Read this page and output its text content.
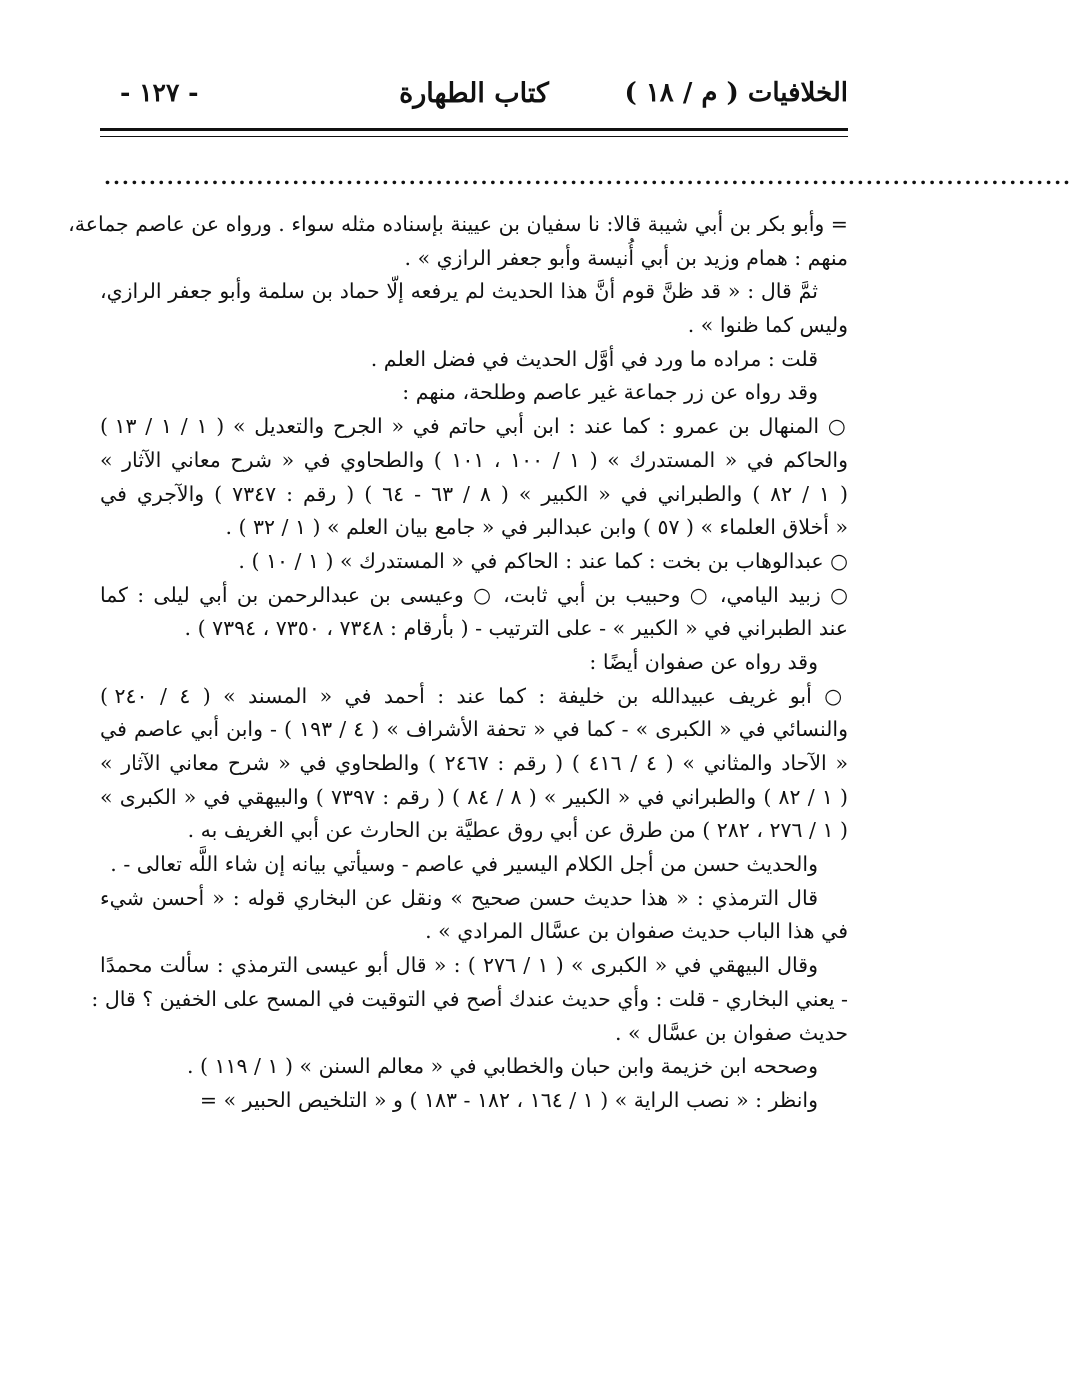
الخلافيات ( م / ١٨ )
كتاب الطهارة
- ١٢٧ -
............................................................................................................
= وأبو بكر بن أبي شيبة قالا: نا سفيان بن عيينة بإسناده مثله سواء . ورواه عن عاصم جماعة،
منهم : همام وزيد بن أبي أُنيسة وأبو جعفر الرازي » .
ثمَّ قال : « قد ظنَّ قوم أنَّ هذا الحديث لم يرفعه إلّا حماد بن سلمة وأبو جعفر الرازي،
وليس كما ظنوا » .
قلت : مراده ما ورد في أوَّل الحديث في فضل العلم .
وقد رواه عن زر جماعة غير عاصم وطلحة، منهم :
○ المنهال بن عمرو : كما عند : ابن أبي حاتم في « الجرح والتعديل » ( ١ / ١ / ١٣ )
والحاكم في « المستدرك » ( ١ / ١٠٠ ، ١٠١ ) والطحاوي في « شرح معاني الآثار »
( ١ / ٨٢ ) والطبراني في « الكبير » ( ٨ / ٦٣ - ٦٤ ) ( رقم : ٧٣٤٧ ) والآجري في
« أخلاق العلماء » ( ٥٧ ) وابن عبدالبر في « جامع بيان العلم » ( ١ / ٣٢ ) .
○ عبدالوهاب بن بخت : كما عند : الحاكم في « المستدرك » ( ١ / ١٠ ) .
○ زبيد اليامي، ○ وحبيب بن أبي ثابت، ○ وعيسى بن عبدالرحمن بن أبي ليلى : كما
عند الطبراني في « الكبير » - على الترتيب - ( بأرقام : ٧٣٤٨ ، ٧٣٥٠ ، ٧٣٩٤ ) .
وقد رواه عن صفوان أيضًا :
○ أبو غريف عبيدالله بن خليفة : كما عند : أحمد في « المسند » ( ٤ / ٢٤٠ )
والنسائي في « الكبرى » - كما في « تحفة الأشراف » ( ٤ / ١٩٣ ) - وابن أبي عاصم في
« الآحاد والمثاني » ( ٤ / ٤١٦ ) ( رقم : ٢٤٦٧ ) والطحاوي في « شرح معاني الآثار »
( ١ / ٨٢ ) والطبراني في « الكبير » ( ٨ / ٨٤ ) ( رقم : ٧٣٩٧ ) والبيهقي في « الكبرى »
( ١ / ٢٧٦ ، ٢٨٢ ) من طرق عن أبي روق عطيَّة بن الحارث عن أبي الغريف به .
والحديث حسن من أجل الكلام اليسير في عاصم - وسيأتي بيانه إن شاء اللَّه تعالى - .
قال الترمذي : « هذا حديث حسن صحيح » ونقل عن البخاري قوله : « أحسن شيء
في هذا الباب حديث صفوان بن عسَّال المرادي » .
وقال البيهقي في « الكبرى » ( ١ / ٢٧٦ ) : « قال أبو عيسى الترمذي : سألت محمدًا
- يعني البخاري - قلت : وأي حديث عندك أصح في التوقيت في المسح على الخفين ؟ قال :
حديث صفوان بن عسَّال » .
وصححه ابن خزيمة وابن حبان والخطابي في « معالم السنن » ( ١ / ١١٩ ) .
وانظر : « نصب الراية » ( ١ / ١٦٤ ، ١٨٢ - ١٨٣ ) و « التلخيص الحبير » =
